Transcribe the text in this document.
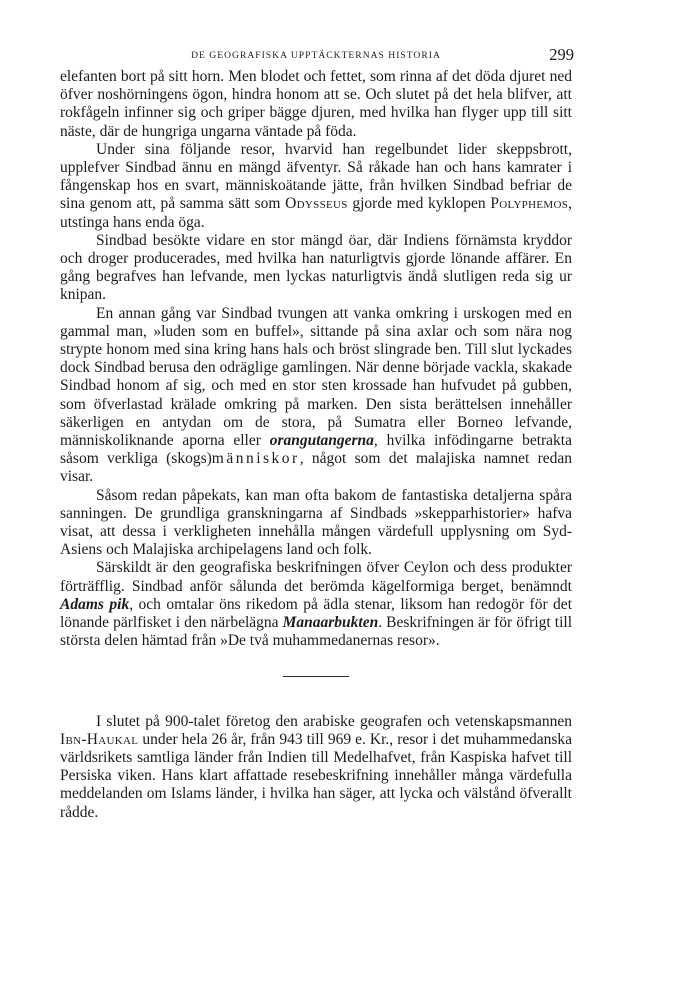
DE GEOGRAFISKA UPPTÄCKTERNAS HISTORIA	299

elefanten bort på sitt horn. Men blodet och fettet, som rinna af det döda djuret ned öfver noshörningens ögon, hindra honom att se. Och slutet på det hela blifver, att rokfågeln infinner sig och griper bägge djuren, med hvilka han flyger upp till sitt näste, där de hungriga ungarna väntade på föda.

Under sina följande resor, hvarvid han regelbundet lider skeppsbrott, upplefver Sindbad ännu en mängd äfventyr. Så råkade han och hans kamrater i fångenskap hos en svart, människoätande jätte, från hvilken Sindbad befriar de sina genom att, på samma sätt som Odysseus gjorde med kyklopen Polyphemos, utstinga hans enda öga.

Sindbad besökte vidare en stor mängd öar, där Indiens förnämsta kryddor och droger producerades, med hvilka han naturligtvis gjorde lönande affärer. En gång begrafves han lefvande, men lyckas naturligtvis ändå slutligen reda sig ur knipan.

En annan gång var Sindbad tvungen att vanka omkring i urskogen med en gammal man, »luden som en buffel», sittande på sina axlar och som nära nog strypte honom med sina kring hans hals och bröst slingrade ben. Till slut lyckades dock Sindbad berusa den odräglige gamlingen. När denne började vackla, skakade Sindbad honom af sig, och med en stor sten krossade han hufvudet på gubben, som öfverlastad krälade omkring på marken. Den sista berättelsen innehåller säkerligen en antydan om de stora, på Sumatra eller Borneo lefvande, människoliknande aporna eller orangutangerna, hvilka infödingarne betrakta såsom verkliga (skogs)människor, något som det malajiska namnet redan visar.

Såsom redan påpekats, kan man ofta bakom de fantastiska detaljerna spåra sanningen. De grundliga granskningarna af Sindbads »skepparhistorier» hafva visat, att dessa i verkligheten innehålla mången värdefull upplysning om Syd-Asiens och Malajiska archipelagens land och folk.

Särskildt är den geografiska beskrifningen öfver Ceylon och dess produkter förträfflig. Sindbad anför sålunda det berömda kägelformiga berget, benämndt Adams pik, och omtalar öns rikedom på ädla stenar, liksom han redogör för det lönande pärlfisket i den närbelägna Manaarbukten. Beskrifningen är för öfrigt till största delen hämtad från »De två muhammedanernas resor».

I slutet på 900-talet företog den arabiske geografen och vetenskapsmannen Ibn-Haukal under hela 26 år, från 943 till 969 e. Kr., resor i det muhammedanska världsrikets samtliga länder från Indien till Medelhafvet, från Kaspiska hafvet till Persiska viken. Hans klart affattade resebeskrifning innehåller många värdefulla meddelanden om Islams länder, i hvilka han säger, att lycka och välstånd öfverallt rådde.
